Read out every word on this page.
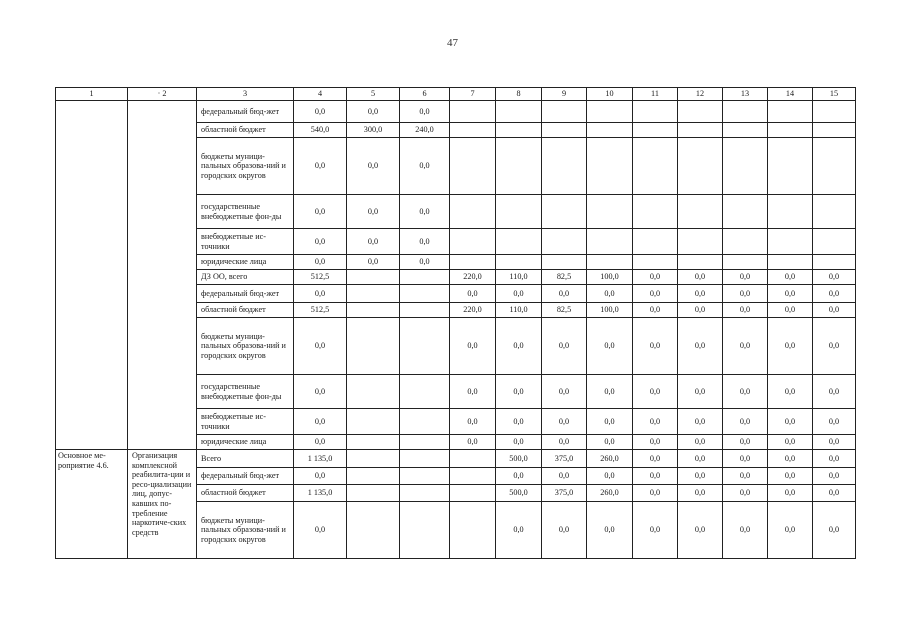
47
1	· 2	3	4	5	6	7	8	9	10	11	12	13	14	15
		федеральный бюд-жет	0,0	0,0	0,0									
		областной бюджет	540,0	300,0	240,0									
		бюджеты муници-пальных образова-ний и городских округов	0,0	0,0	0,0									
		государственные внебюджетные фон-ды	0,0	0,0	0,0									
		внебюджетные ис-точники	0,0	0,0	0,0									
		юридические лица	0,0	0,0	0,0									
		ДЗ ОО, всего	512,5			220,0	110,0	82,5	100,0	0,0	0,0	0,0	0,0	0,0
		федеральный бюд-жет	0,0			0,0	0,0	0,0	0,0	0,0	0,0	0,0	0,0	0,0
		областной бюджет	512,5			220,0	110,0	82,5	100,0	0,0	0,0	0,0	0,0	0,0
		бюджеты муници-пальных образова-ний и городских округов	0,0			0,0	0,0	0,0	0,0	0,0	0,0	0,0	0,0	0,0
		государственные внебюджетные фон-ды	0,0			0,0	0,0	0,0	0,0	0,0	0,0	0,0	0,0	0,0
		внебюджетные ис-точники	0,0			0,0	0,0	0,0	0,0	0,0	0,0	0,0	0,0	0,0
		юридические лица	0,0			0,0	0,0	0,0	0,0	0,0	0,0	0,0	0,0	0,0
Основное ме-роприятие 4.6.	Организация комплексной реабилита-ции и ресо-циализации лиц, допус-кавших по-требление наркотиче-ских средств	Всего	1 135,0				500,0	375,0	260,0	0,0	0,0	0,0	0,0	0,0
		федеральный бюд-жет	0,0				0,0	0,0	0,0	0,0	0,0	0,0	0,0	0,0
		областной бюджет	1 135,0				500,0	375,0	260,0	0,0	0,0	0,0	0,0	0,0
		бюджеты муници-пальных образова-ний и городских округов	0,0				0,0	0,0	0,0	0,0	0,0	0,0	0,0	0,0
